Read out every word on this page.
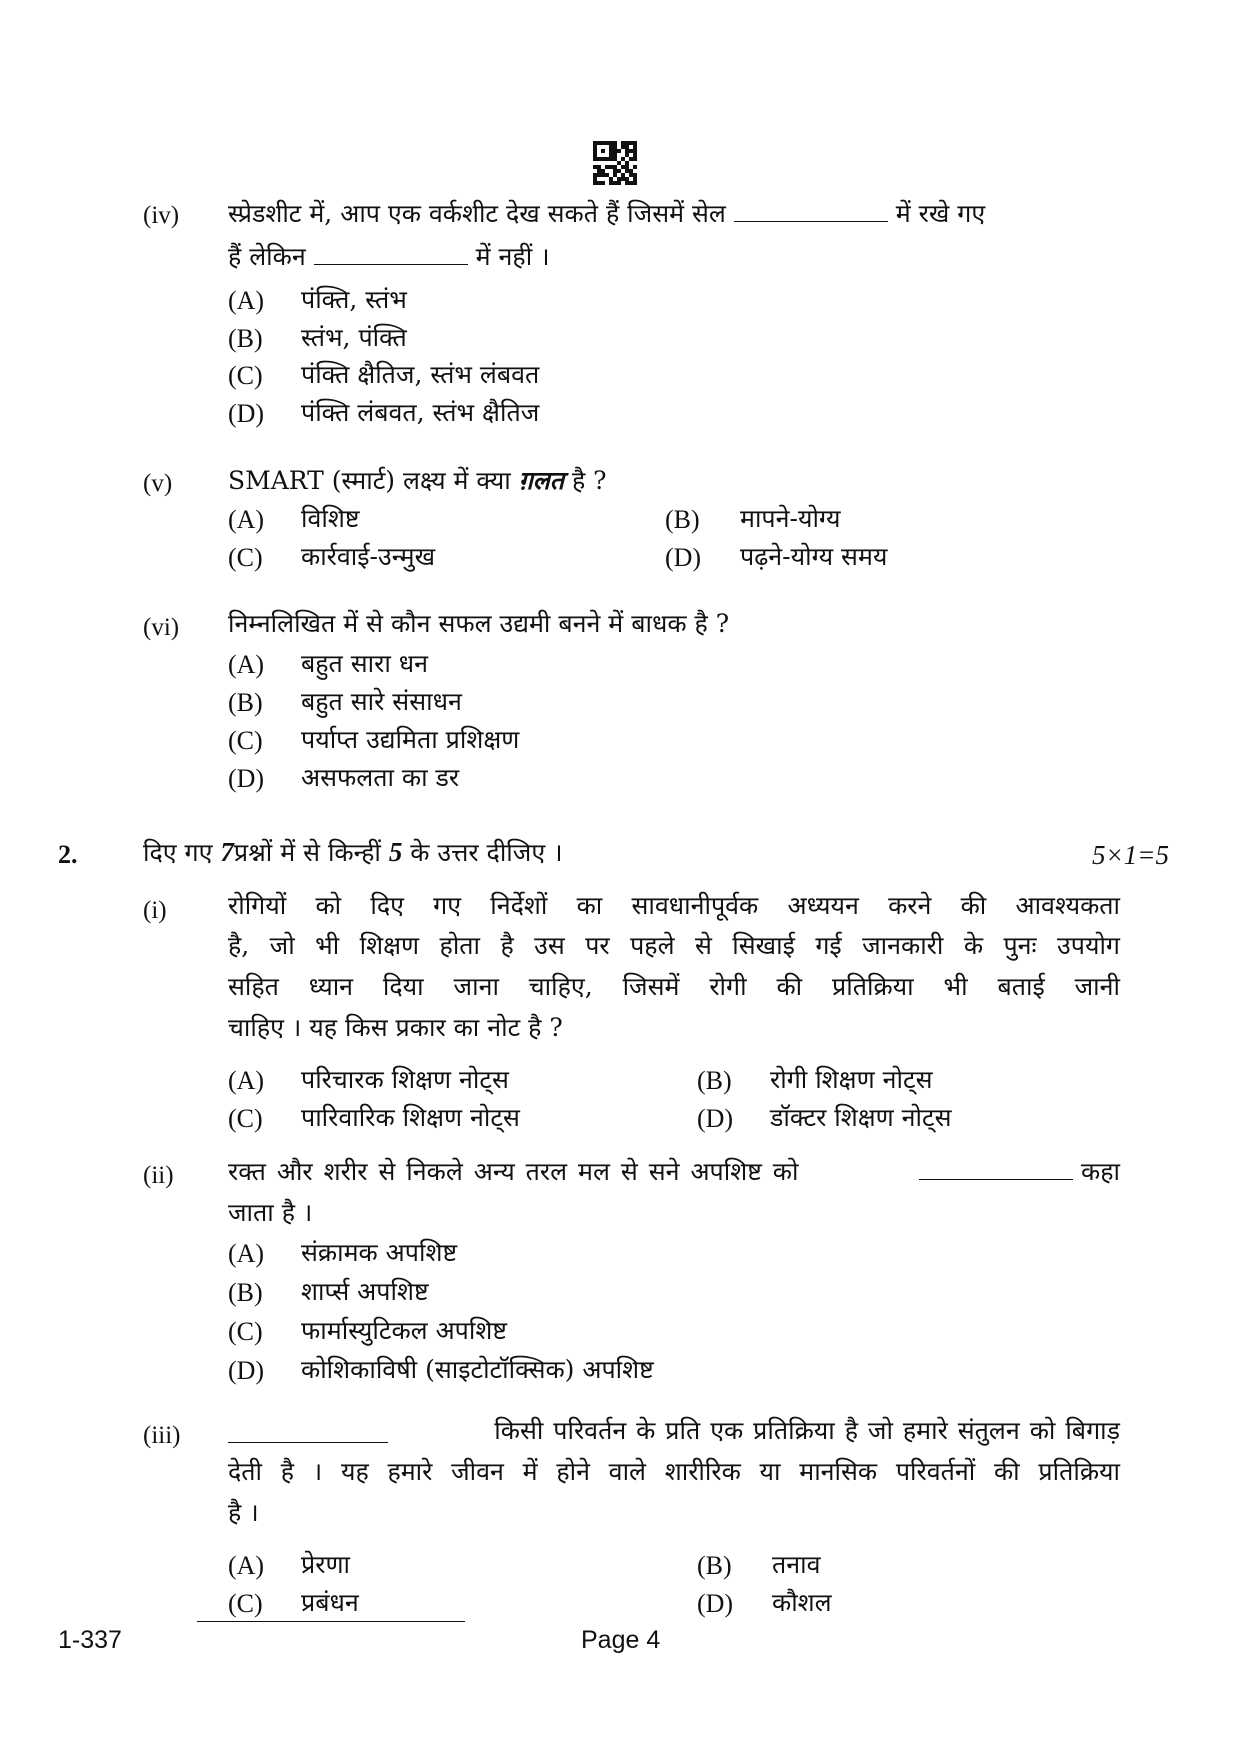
(iv) स्प्रेडशीट में, आप एक वर्कशीट देख सकते हैं जिसमें सेल	में रखे गए
हैं लेकिन	में नहीं ।
(A) पंक्ति, स्तंभ
(B) स्तंभ, पंक्ति
(C) पंक्ति क्षैतिज, स्तंभ लंबवत
(D) पंक्ति लंबवत, स्तंभ क्षैतिज
(v) SMART (स्मार्ट) लक्ष्य में क्या ग़लत है ?
(A) विशिष्ट	(B) मापने-योग्य
(C) कार्रवाई-उन्मुख	(D) पढ़ने-योग्य समय
(vi) निम्नलिखित में से कौन सफल उद्यमी बनने में बाधक है ?
(A) बहुत सारा धन
(B) बहुत सारे संसाधन
(C) पर्याप्त उद्यमिता प्रशिक्षण
(D) असफलता का डर
2.	दिए गए 7प्रश्नों में से किन्हीं 5 के उत्तर दीजिए ।	5×1=5
(i) रोगियों को दिए गए निर्देशों का सावधानीपूर्वक अध्ययन करने की आवश्यकता
है, जो भी शिक्षण होता है उस पर पहले से सिखाई गई जानकारी के पुनः उपयोग
सहित ध्यान दिया जाना चाहिए, जिसमें रोगी की प्रतिक्रिया भी बताई जानी
चाहिए । यह किस प्रकार का नोट है ?
(A) परिचारक शिक्षण नोट्स	(B) रोगी शिक्षण नोट्स
(C) पारिवारिक शिक्षण नोट्स	(D) डॉक्टर शिक्षण नोट्स
(ii) रक्त और शरीर से निकले अन्य तरल मल से सने अपशिष्ट को	कहा
जाता है ।
(A) संक्रामक अपशिष्ट
(B) शार्प्स अपशिष्ट
(C) फार्मास्युटिकल अपशिष्ट
(D) कोशिकाविषी (साइटोटॉक्सिक) अपशिष्ट
(iii)	किसी परिवर्तन के प्रति एक प्रतिक्रिया है जो हमारे संतुलन को बिगाड़
देती है । यह हमारे जीवन में होने वाले शारीरिक या मानसिक परिवर्तनों की प्रतिक्रिया
है ।
(A) प्रेरणा	(B) तनाव
(C) प्रबंधन	(D) कौशल
1-337	Page 4
